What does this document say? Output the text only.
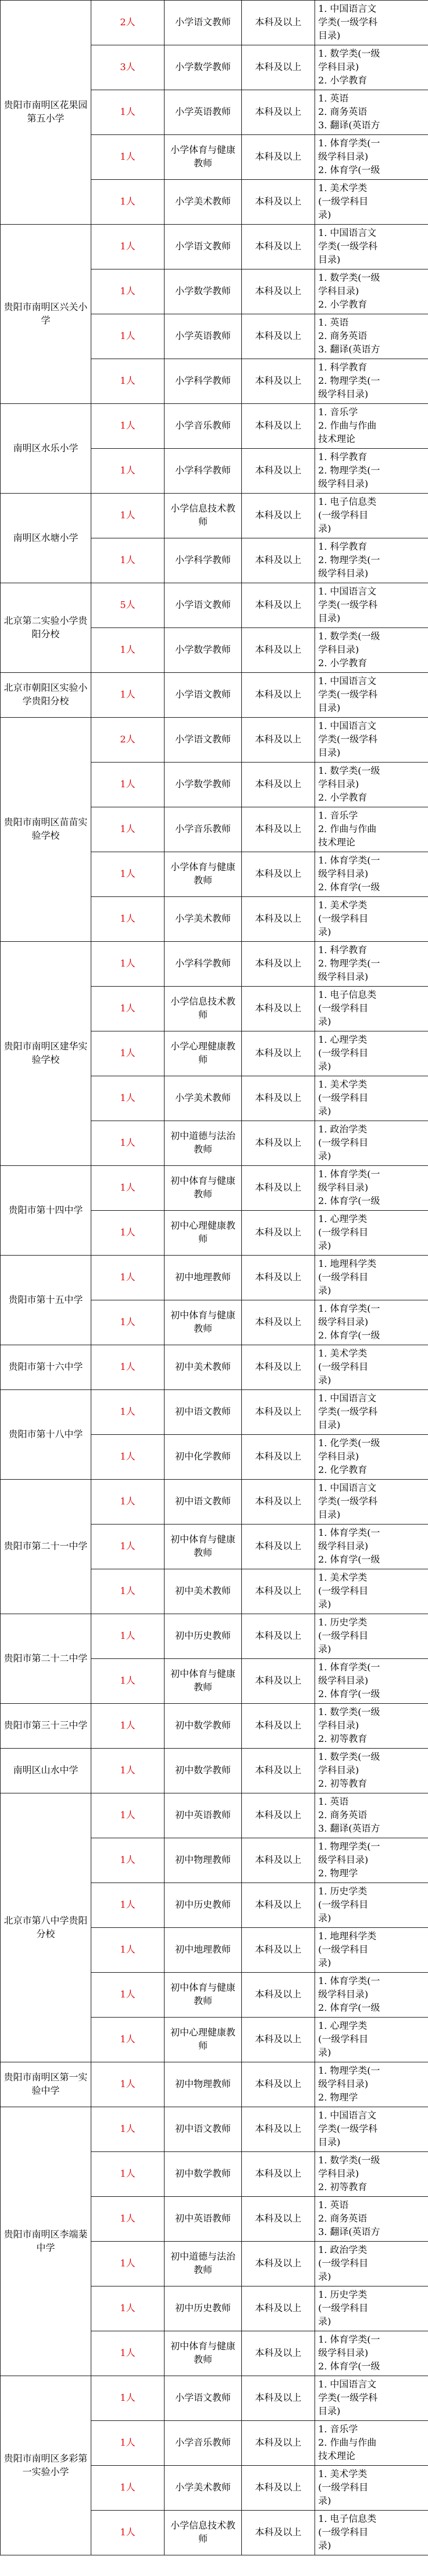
贵阳市南明区花果园第五小学	2人	小学语文教师	本科及以上	1. 中国语言文
学类(一级学科
目录)

	3人	小学数学教师	本科及以上	1. 数学类(一级
学科目录)
2. 小学教育

	1人	小学英语教师	本科及以上	1. 英语
2. 商务英语
3. 翻译(英语方

	1人	小学体育与健康教师	本科及以上	1. 体育学类(一
级学科目录)
2. 体育学(一级

	1人	小学美术教师	本科及以上	1. 美术学类
(一级学科目
录)

贵阳市南明区兴关小学	1人	小学语文教师	本科及以上	1. 中国语言文
学类(一级学科
目录)

	1人	小学数学教师	本科及以上	1. 数学类(一级
学科目录)
2. 小学教育

	1人	小学英语教师	本科及以上	1. 英语
2. 商务英语
3. 翻译(英语方

	1人	小学科学教师	本科及以上	1. 科学教育
2. 物理学类(一
级学科目录)

南明区水乐小学	1人	小学音乐教师	本科及以上	1. 音乐学
2. 作曲与作曲
技术理论

	1人	小学科学教师	本科及以上	1. 科学教育
2. 物理学类(一
级学科目录)

南明区水塘小学	1人	小学信息技术教师	本科及以上	1. 电子信息类
(一级学科目
录)

	1人	小学科学教师	本科及以上	1. 科学教育
2. 物理学类(一
级学科目录)

北京第二实验小学贵阳分校	5人	小学语文教师	本科及以上	1. 中国语言文
学类(一级学科
目录)

	1人	小学数学教师	本科及以上	1. 数学类(一级
学科目录)
2. 小学教育

北京市朝阳区实验小学贵阳分校	1人	小学语文教师	本科及以上	1. 中国语言文
学类(一级学科
目录)

贵阳市南明区苗苗实验学校	2人	小学语文教师	本科及以上	1. 中国语言文
学类(一级学科
目录)

	1人	小学数学教师	本科及以上	1. 数学类(一级
学科目录)
2. 小学教育

	1人	小学音乐教师	本科及以上	1. 音乐学
2. 作曲与作曲
技术理论

	1人	小学体育与健康教师	本科及以上	1. 体育学类(一
级学科目录)
2. 体育学(一级

	1人	小学美术教师	本科及以上	1. 美术学类
(一级学科目
录)

贵阳市南明区建华实验学校	1人	小学科学教师	本科及以上	1. 科学教育
2. 物理学类(一
级学科目录)

	1人	小学信息技术教师	本科及以上	1. 电子信息类
(一级学科目
录)

	1人	小学心理健康教师	本科及以上	1. 心理学类
(一级学科目
录)

	1人	小学美术教师	本科及以上	1. 美术学类
(一级学科目
录)

	1人	初中道德与法治教师	本科及以上	1. 政治学类
(一级学科目
录)

贵阳市第十四中学	1人	初中体育与健康教师	本科及以上	1. 体育学类(一
级学科目录)
2. 体育学(一级

	1人	初中心理健康教师	本科及以上	1. 心理学类
(一级学科目
录)

贵阳市第十五中学	1人	初中地理教师	本科及以上	1. 地理科学类
(一级学科目
录)

	1人	初中体育与健康教师	本科及以上	1. 体育学类(一
级学科目录)
2. 体育学(一级

贵阳市第十六中学	1人	初中美术教师	本科及以上	1. 美术学类
(一级学科目
录)

贵阳市第十八中学	1人	初中语文教师	本科及以上	1. 中国语言文
学类(一级学科
目录)

	1人	初中化学教师	本科及以上	1. 化学类(一级
学科目录)
2. 化学教育

贵阳市第二十一中学	1人	初中语文教师	本科及以上	1. 中国语言文
学类(一级学科
目录)

	1人	初中体育与健康教师	本科及以上	1. 体育学类(一
级学科目录)
2. 体育学(一级

	1人	初中美术教师	本科及以上	1. 美术学类
(一级学科目
录)

贵阳市第二十二中学	1人	初中历史教师	本科及以上	1. 历史学类
(一级学科目
录)

	1人	初中体育与健康教师	本科及以上	1. 体育学类(一
级学科目录)
2. 体育学(一级

贵阳市第三十三中学	1人	初中数学教师	本科及以上	1. 数学类(一级
学科目录)
2. 初等教育

南明区山水中学	1人	初中数学教师	本科及以上	1. 数学类(一级
学科目录)
2. 初等教育

北京市第八中学贵阳分校	1人	初中英语教师	本科及以上	1. 英语
2. 商务英语
3. 翻译(英语方

	1人	初中物理教师	本科及以上	1. 物理学类(一
级学科目录)
2. 物理学

	1人	初中历史教师	本科及以上	1. 历史学类
(一级学科目
录)

	1人	初中地理教师	本科及以上	1. 地理科学类
(一级学科目
录)

	1人	初中体育与健康教师	本科及以上	1. 体育学类(一
级学科目录)
2. 体育学(一级

	1人	初中心理健康教师	本科及以上	1. 心理学类
(一级学科目
录)

贵阳市南明区第一实验中学	1人	初中物理教师	本科及以上	1. 物理学类(一
级学科目录)
2. 物理学

贵阳市南明区李端棻中学	1人	初中语文教师	本科及以上	1. 中国语言文
学类(一级学科
目录)

	1人	初中数学教师	本科及以上	1. 数学类(一级
学科目录)
2. 初等教育

	1人	初中英语教师	本科及以上	1. 英语
2. 商务英语
3. 翻译(英语方

	1人	初中道德与法治教师	本科及以上	1. 政治学类
(一级学科目
录)

	1人	初中历史教师	本科及以上	1. 历史学类
(一级学科目
录)

	1人	初中体育与健康教师	本科及以上	1. 体育学类(一
级学科目录)
2. 体育学(一级

贵阳市南明区多彩第一实验小学	1人	小学语文教师	本科及以上	1. 中国语言文
学类(一级学科
目录)

	1人	小学音乐教师	本科及以上	1. 音乐学
2. 作曲与作曲
技术理论

	1人	小学美术教师	本科及以上	1. 美术学类
(一级学科目
录)

	1人	小学信息技术教师	本科及以上	1. 电子信息类
(一级学科目
录)
